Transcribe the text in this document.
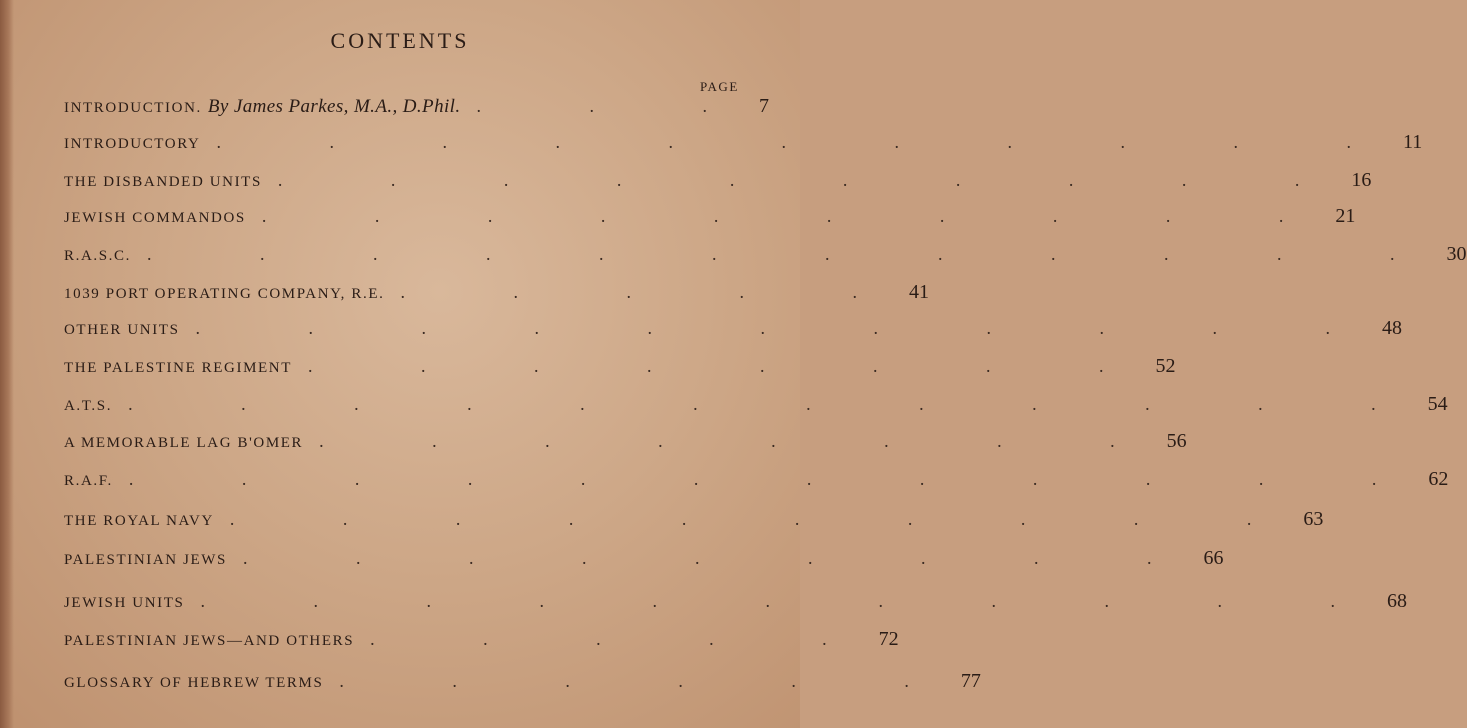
CONTENTS
PAGE
INTRODUCTION. By James Parkes, M.A., D.Phil. . . . 7
INTRODUCTORY . . . . . . . . . . . 11
THE DISBANDED UNITS . . . . . . . . . . 16
JEWISH COMMANDOS . . . . . . . . . . 21
R.A.S.C. . . . . . . . . . . . . 30
1039 PORT OPERATING COMPANY, R.E. . . . . . 41
OTHER UNITS . . . . . . . . . . . 48
THE PALESTINE REGIMENT . . . . . . . . 52
A.T.S. . . . . . . . . . . . . 54
A MEMORABLE LAG B'OMER . . . . . . . . 56
R.A.F. . . . . . . . . . . . . 62
THE ROYAL NAVY . . . . . . . . . . 63
PALESTINIAN JEWS . . . . . . . . . 66
JEWISH UNITS . . . . . . . . . . . 68
PALESTINIAN JEWS—AND OTHERS . . . . . 72
GLOSSARY OF HEBREW TERMS . . . . . . 77
